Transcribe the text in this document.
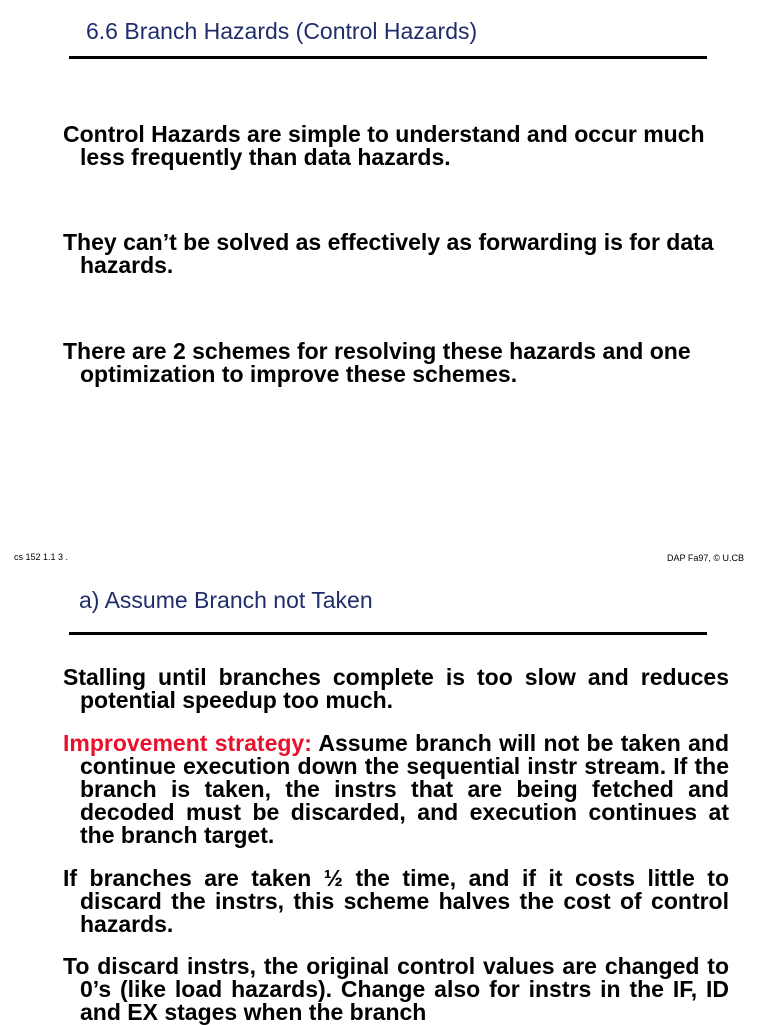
6.6 Branch Hazards (Control Hazards)

Control Hazards are simple to understand and occur much less frequently than data hazards.

They can’t be solved as effectively as forwarding is for data hazards.

There are 2 schemes for resolving these hazards and one optimization to improve these schemes.

cs 152 1.1 3 .	DAP Fa97, © U.CB
a) Assume Branch not Taken

Stalling until branches complete is too slow and reduces potential speedup too much.

Improvement strategy: Assume branch will not be taken and continue execution down the sequential instr stream. If the branch is taken, the instrs that are being fetched and decoded must be discarded, and execution continues at the branch target.

If branches are taken ½ the time, and if it costs little to discard the instrs, this scheme halves the cost of control hazards.

To discard instrs, the original control values are changed to 0’s (like load hazards). Change also for instrs in the IF, ID and EX stages when the branch
